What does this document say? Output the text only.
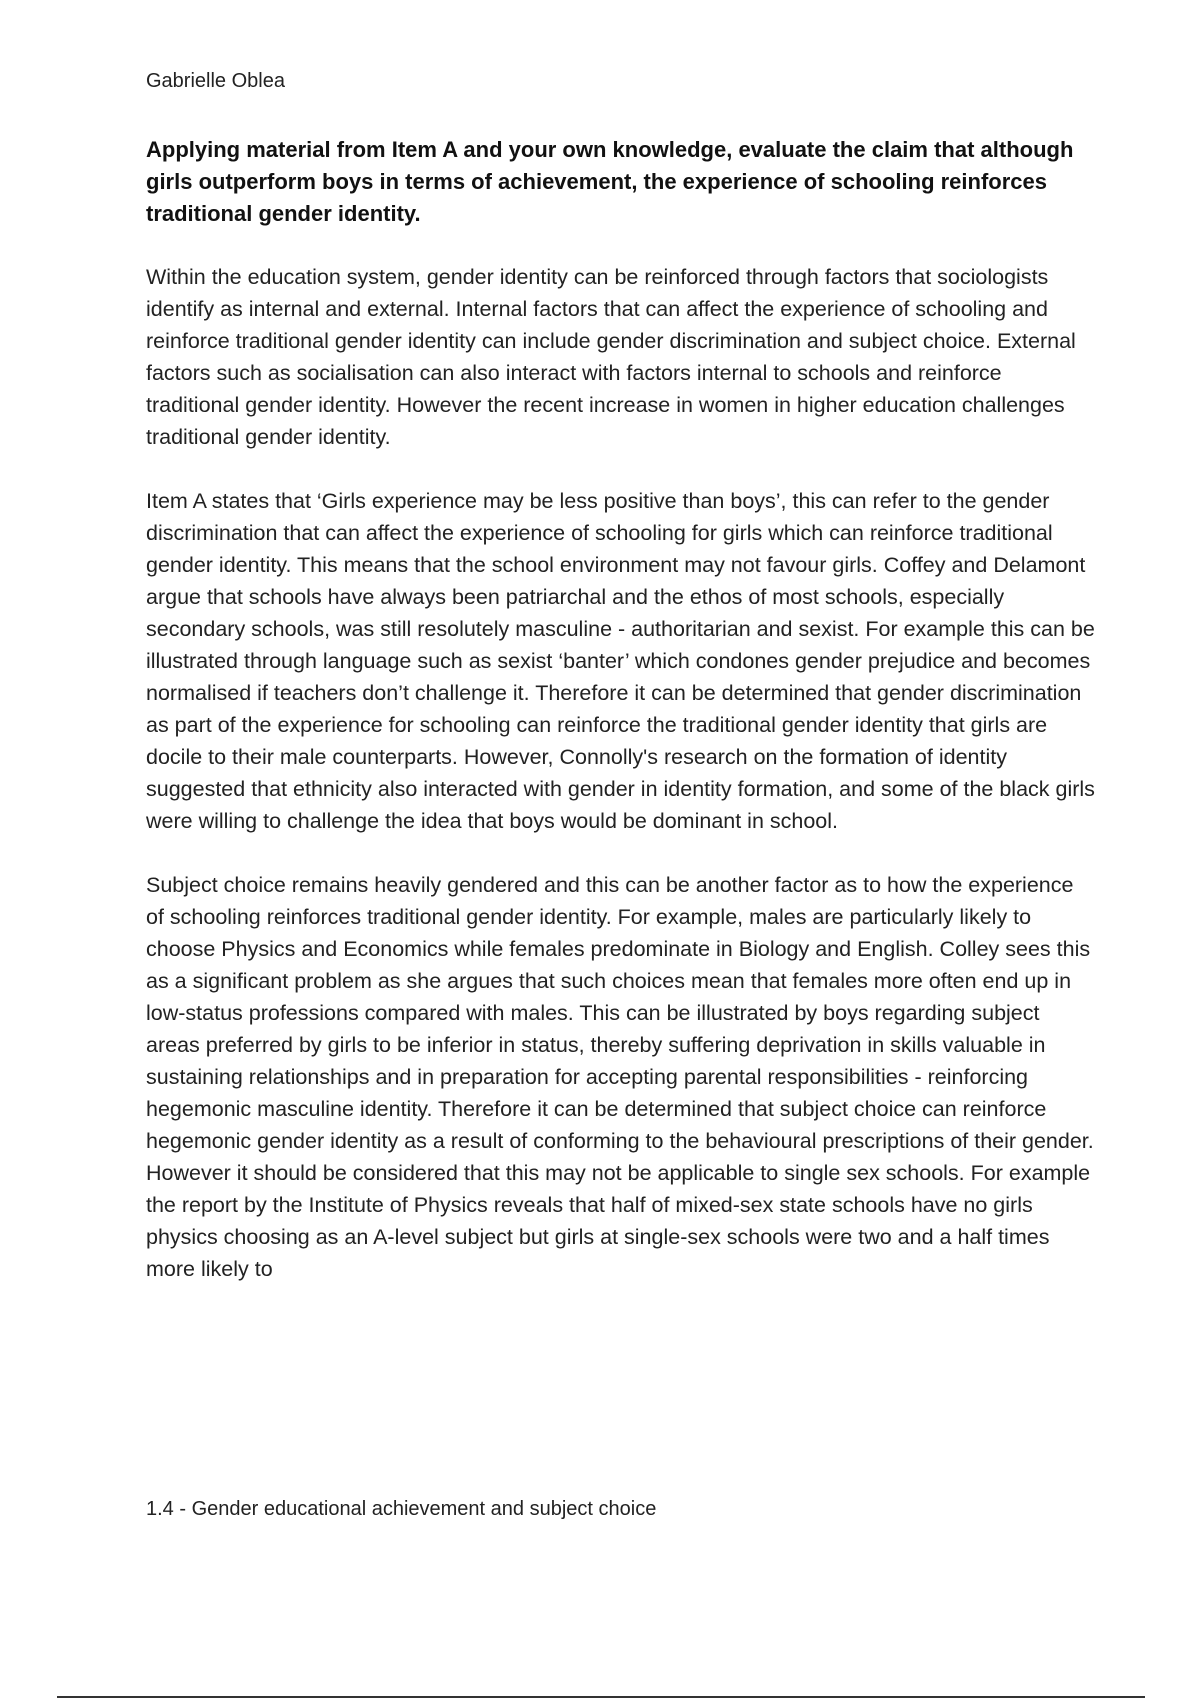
Gabrielle Oblea
Applying material from Item A and your own knowledge, evaluate the claim that although girls outperform boys in terms of achievement, the experience of schooling reinforces traditional gender identity.
Within the education system, gender identity can be reinforced through factors that sociologists identify as internal and external. Internal factors that can affect the experience of schooling and reinforce traditional gender identity can include gender discrimination and subject choice. External factors such as socialisation can also interact with factors internal to schools and reinforce traditional gender identity. However the recent increase in women in higher education challenges traditional gender identity.
Item A states that ‘Girls experience may be less positive than boys’, this can refer to the gender discrimination that can affect the experience of schooling for girls which can reinforce traditional gender identity. This means that the school environment may not favour girls. Coffey and Delamont argue that schools have always been patriarchal and the ethos of most schools, especially secondary schools, was still resolutely masculine - authoritarian and sexist. For example this can be illustrated through language such as sexist ‘banter’ which condones gender prejudice and becomes normalised if teachers don’t challenge it. Therefore it can be determined that gender discrimination as part of the experience for schooling can reinforce the traditional gender identity that girls are docile to their male counterparts. However, Connolly's research on the formation of identity suggested that ethnicity also interacted with gender in identity formation, and some of the black girls were willing to challenge the idea that boys would be dominant in school.
Subject choice remains heavily gendered and this can be another factor as to how the experience of schooling reinforces traditional gender identity. For example, males are particularly likely to choose Physics and Economics while females predominate in Biology and English. Colley sees this as a significant problem as she argues that such choices mean that females more often end up in low-status professions compared with males. This can be illustrated by boys regarding subject areas preferred by girls to be inferior in status, thereby suffering deprivation in skills valuable in sustaining relationships and in preparation for accepting parental responsibilities - reinforcing hegemonic masculine identity. Therefore it can be determined that subject choice can reinforce hegemonic gender identity as a result of conforming to the behavioural prescriptions of their gender. However it should be considered that this may not be applicable to single sex schools. For example the report by the Institute of Physics reveals that half of mixed-sex state schools have no girls physics choosing as an A-level subject but girls at single-sex schools were two and a half times more likely to
1.4 - Gender educational achievement and subject choice
